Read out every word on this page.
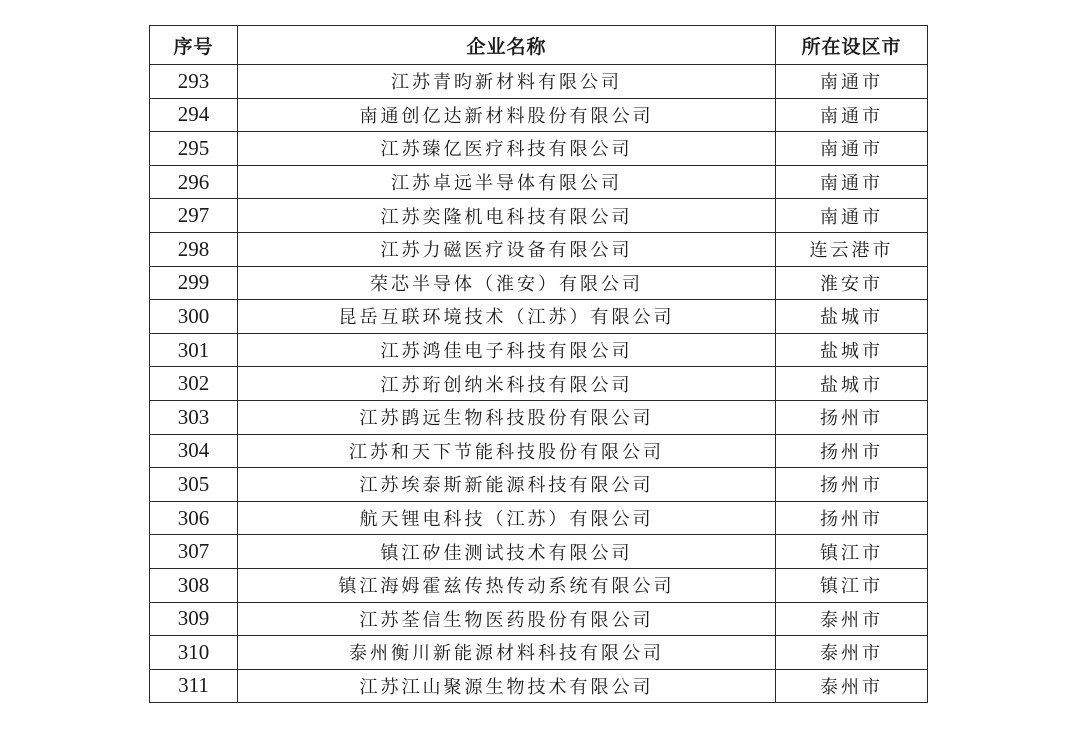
序号	企业名称	所在设区市
293	江苏青昀新材料有限公司	南通市
294	南通创亿达新材料股份有限公司	南通市
295	江苏臻亿医疗科技有限公司	南通市
296	江苏卓远半导体有限公司	南通市
297	江苏奕隆机电科技有限公司	南通市
298	江苏力磁医疗设备有限公司	连云港市
299	荣芯半导体（淮安）有限公司	淮安市
300	昆岳互联环境技术（江苏）有限公司	盐城市
301	江苏鸿佳电子科技有限公司	盐城市
302	江苏珩创纳米科技有限公司	盐城市
303	江苏鹍远生物科技股份有限公司	扬州市
304	江苏和天下节能科技股份有限公司	扬州市
305	江苏埃泰斯新能源科技有限公司	扬州市
306	航天锂电科技（江苏）有限公司	扬州市
307	镇江矽佳测试技术有限公司	镇江市
308	镇江海姆霍兹传热传动系统有限公司	镇江市
309	江苏荃信生物医药股份有限公司	泰州市
310	泰州衡川新能源材料科技有限公司	泰州市
311	江苏江山聚源生物技术有限公司	泰州市
